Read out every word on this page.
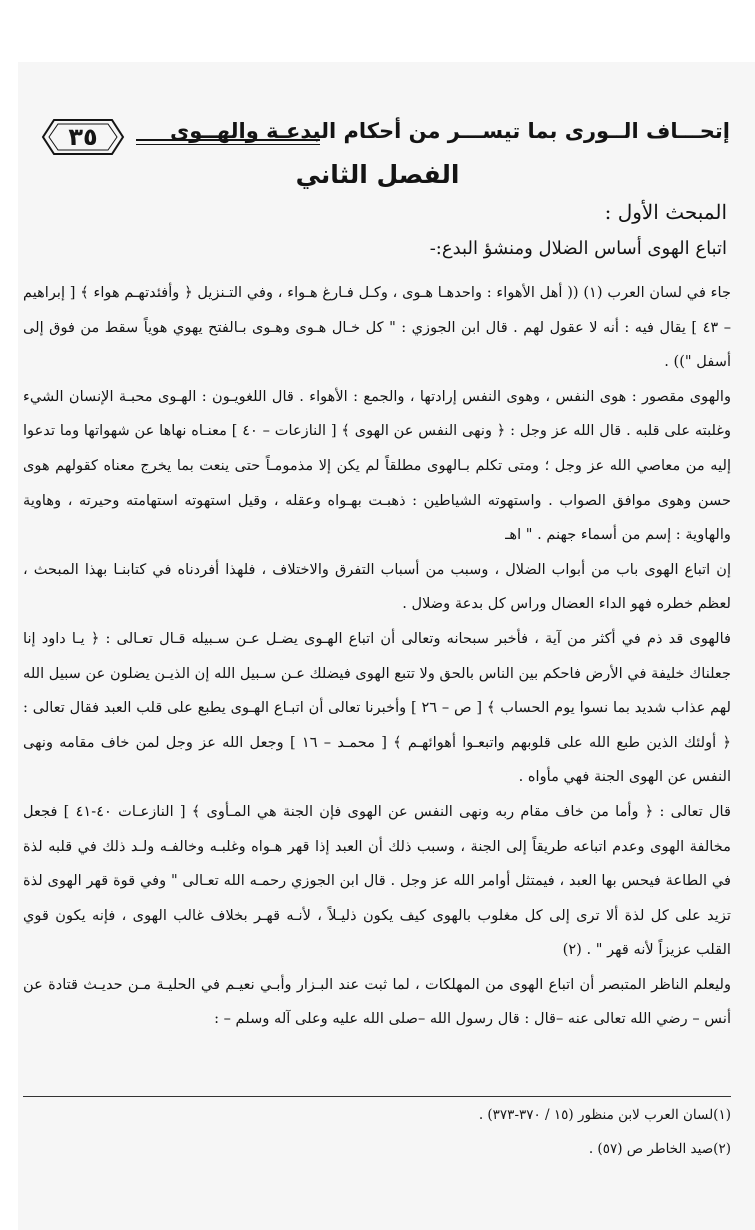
٣٥	إتحـــاف الــورى بما تيســـر من أحكام البدعـة والهــوى
الفصل الثاني
المبحث الأول :
اتباع الهوى أساس الضلال ومنشؤ البدع:-

جاء في لسان العرب (١) (( أهل الأهواء : واحدهـا هـوى ، وكـل فـارغ هـواء ، وفي التـنزيل ﴿ وأفئدتهـم هواء ﴾ [ إبراهيم – ٤٣ ] يقال فيه : أنه لا عقول لهم . قال ابن الجوزي : " كل خـال هـوى وهـوى بـالفتح يهوي هوياً سقط من فوق إلى أسفل ")) .

والهوى مقصور : هوى النفس ، وهوى النفس إرادتها ، والجمع : الأهواء . قال اللغويـون : الهـوى محبـة الإنسان الشيء وغلبته على قلبه . قال الله عز وجل : ﴿ ونهى النفس عن الهوى ﴾ [ النازعات – ٤٠ ] معنـاه نهاها عن شهواتها وما تدعوا إليه من معاصي الله عز وجل ؛ ومتى تكلم بـالهوى مطلقاً لم يكن إلا مذمومـاً حتى ينعت بما يخرج معناه كقولهم هوى حسن وهوى موافق الصواب . واستهوته الشياطين : ذهبـت بهـواه وعقله ، وقيل استهوته استهامته وحيرته ، وهاوية والهاوية : إسم من أسماء جهنم . " اهـ

إن اتباع الهوى باب من أبواب الضلال ، وسبب من أسباب التفرق والاختلاف ، فلهذا أفردناه في كتابنـا بهذا المبحث ، لعظم خطره فهو الداء العضال وراس كل بدعة وضلال .

فالهوى قد ذم في أكثر من آية ، فأخبر سبحانه وتعالى أن اتباع الهـوى يضـل عـن سـبيله قـال تعـالى : ﴿ يـا داود إنا جعلناك خليفة في الأرض فاحكم بين الناس بالحق ولا تتبع الهوى فيضلك عـن سـبيل الله إن الذيـن يضلون عن سبيل الله لهم عذاب شديد بما نسوا يوم الحساب ﴾ [ ص – ٢٦ ] وأخبرنا تعالى أن اتبـاع الهـوى يطبع على قلب العبد فقال تعالى : ﴿ أولئك الذين طبع الله على قلوبهم واتبعـوا أهوائهـم ﴾ [ محمـد – ١٦ ] وجعل الله عز وجل لمن خاف مقامه ونهى النفس عن الهوى الجنة فهي مأواه .

قال تعالى : ﴿ وأما من خاف مقام ربه ونهى النفس عن الهوى فإن الجنة هي المـأوى ﴾ [ النازعـات ٤٠-٤١ ] فجعل مخالفة الهوى وعدم اتباعه طريقاً إلى الجنة ، وسبب ذلك أن العبد إذا قهر هـواه وغلبـه وخالفـه ولـد ذلك في قلبه لذة في الطاعة فيحس بها العبد ، فيمتثل أوامر الله عز وجل . قال ابن الجوزي رحمـه الله تعـالى " وفي قوة قهر الهوى لذة تزيد على كل لذة ألا ترى إلى كل مغلوب بالهوى كيف يكون ذليـلاً ، لأنـه قهـر بخلاف غالب الهوى ، فإنه يكون قوي القلب عزيزاً لأنه قهر " . (٢)

وليعلم الناظر المتبصر أن اتباع الهوى من المهلكات ، لما ثبت عند البـزار وأبـي نعيـم في الحليـة مـن حديـث قتادة عن أنس – رضي الله تعالى عنه –قال : قال رسول الله –صلى الله عليه وعلى آله وسلم – :

(١)لسان العرب لابن منظور (١٥ / ٣٧٠-٣٧٣) .

(٢)صيد الخاطر ص (٥٧) .
